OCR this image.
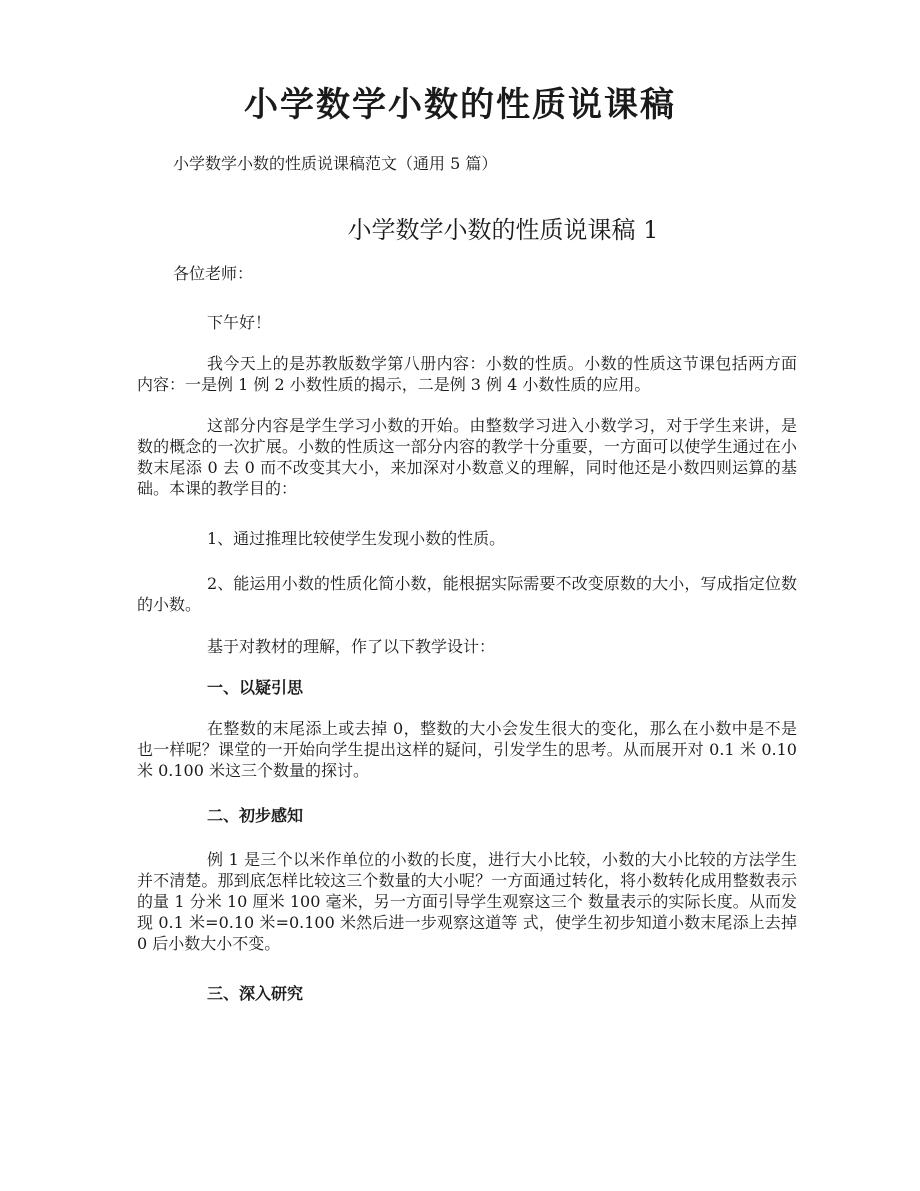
小学数学小数的性质说课稿
小学数学小数的性质说课稿范文（通用 5 篇）
小学数学小数的性质说课稿 1
各位老师：
下午好！
我今天上的是苏教版数学第八册内容：小数的性质。小数的性质这节课包括两方面内容：一是例 1 例 2 小数性质的揭示，二是例 3 例 4 小数性质的应用。
这部分内容是学生学习小数的开始。由整数学习进入小数学习，对于学生来讲，是数的概念的一次扩展。小数的性质这一部分内容的教学十分重要，一方面可以使学生通过在小数末尾添 0 去 0 而不改变其大小，来加深对小数意义的理解，同时他还是小数四则运算的基础。本课的教学目的：
1、通过推理比较使学生发现小数的性质。
2、能运用小数的性质化简小数，能根据实际需要不改变原数的大小，写成指定位数的小数。
基于对教材的理解，作了以下教学设计：
一、以疑引思
在整数的末尾添上或去掉 0，整数的大小会发生很大的变化，那么在小数中是不是也一样呢？课堂的一开始向学生提出这样的疑问，引发学生的思考。从而展开对 0.1 米 0.10 米 0.100 米这三个数量的探讨。
二、初步感知
例 1 是三个以米作单位的小数的长度，进行大小比较，小数的大小比较的方法学生并不清楚。那到底怎样比较这三个数量的大小呢？一方面通过转化，将小数转化成用整数表示的量 1 分米 10 厘米 100 毫米，另一方面引导学生观察这三个 数量表示的实际长度。从而发现 0.1 米=0.10 米=0.100 米然后进一步观察这道等 式，使学生初步知道小数末尾添上去掉 0 后小数大小不变。
三、深入研究
